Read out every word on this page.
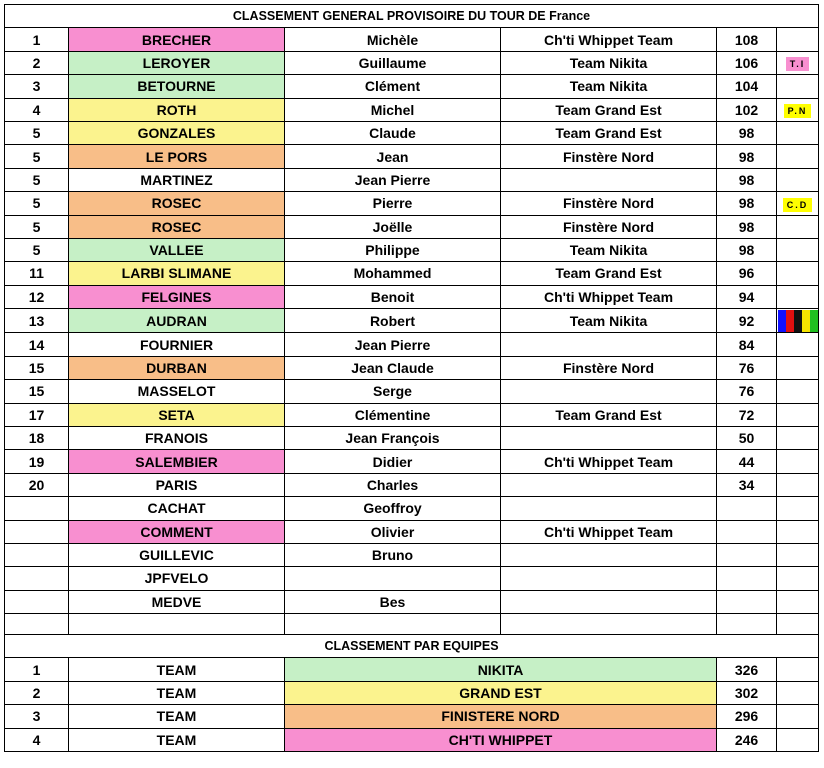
CLASSEMENT GENERAL PROVISOIRE DU TOUR DE France					
1	BRECHER	Michèle	Ch'ti Whippet Team	108	
2	LEROYER	Guillaume	Team Nikita	106	T.I
3	BETOURNE	Clément	Team Nikita	104	
4	ROTH	Michel	Team Grand Est	102	P.N
5	GONZALES	Claude	Team Grand Est	98	
5	LE PORS	Jean	Finstère Nord	98	
5	MARTINEZ	Jean Pierre		98	
5	ROSEC	Pierre	Finstère Nord	98	C.D
5	ROSEC	Joëlle	Finstère Nord	98	
5	VALLEE	Philippe	Team Nikita	98	
11	LARBI SLIMANE	Mohammed	Team Grand Est	96	
12	FELGINES	Benoit	Ch'ti Whippet Team	94	
13	AUDRAN	Robert	Team Nikita	92	

14	FOURNIER	Jean Pierre		84	
15	DURBAN	Jean Claude	Finstère Nord	76	
15	MASSELOT	Serge		76	
17	SETA	Clémentine	Team Grand Est	72	
18	FRANOIS	Jean François		50	
19	SALEMBIER	Didier	Ch'ti Whippet Team	44	
20	PARIS	Charles		34	
	CACHAT	Geoffroy			
	COMMENT	Olivier	Ch'ti Whippet Team		
	GUILLEVIC	Bruno			
	JPFVELO				
	MEDVE	Bes			

CLASSEMENT PAR EQUIPES					
1	TEAM	NIKITA		326	
2	TEAM	GRAND EST		302	
3	TEAM	FINISTERE NORD		296	
4	TEAM	CH'TI WHIPPET		246	
